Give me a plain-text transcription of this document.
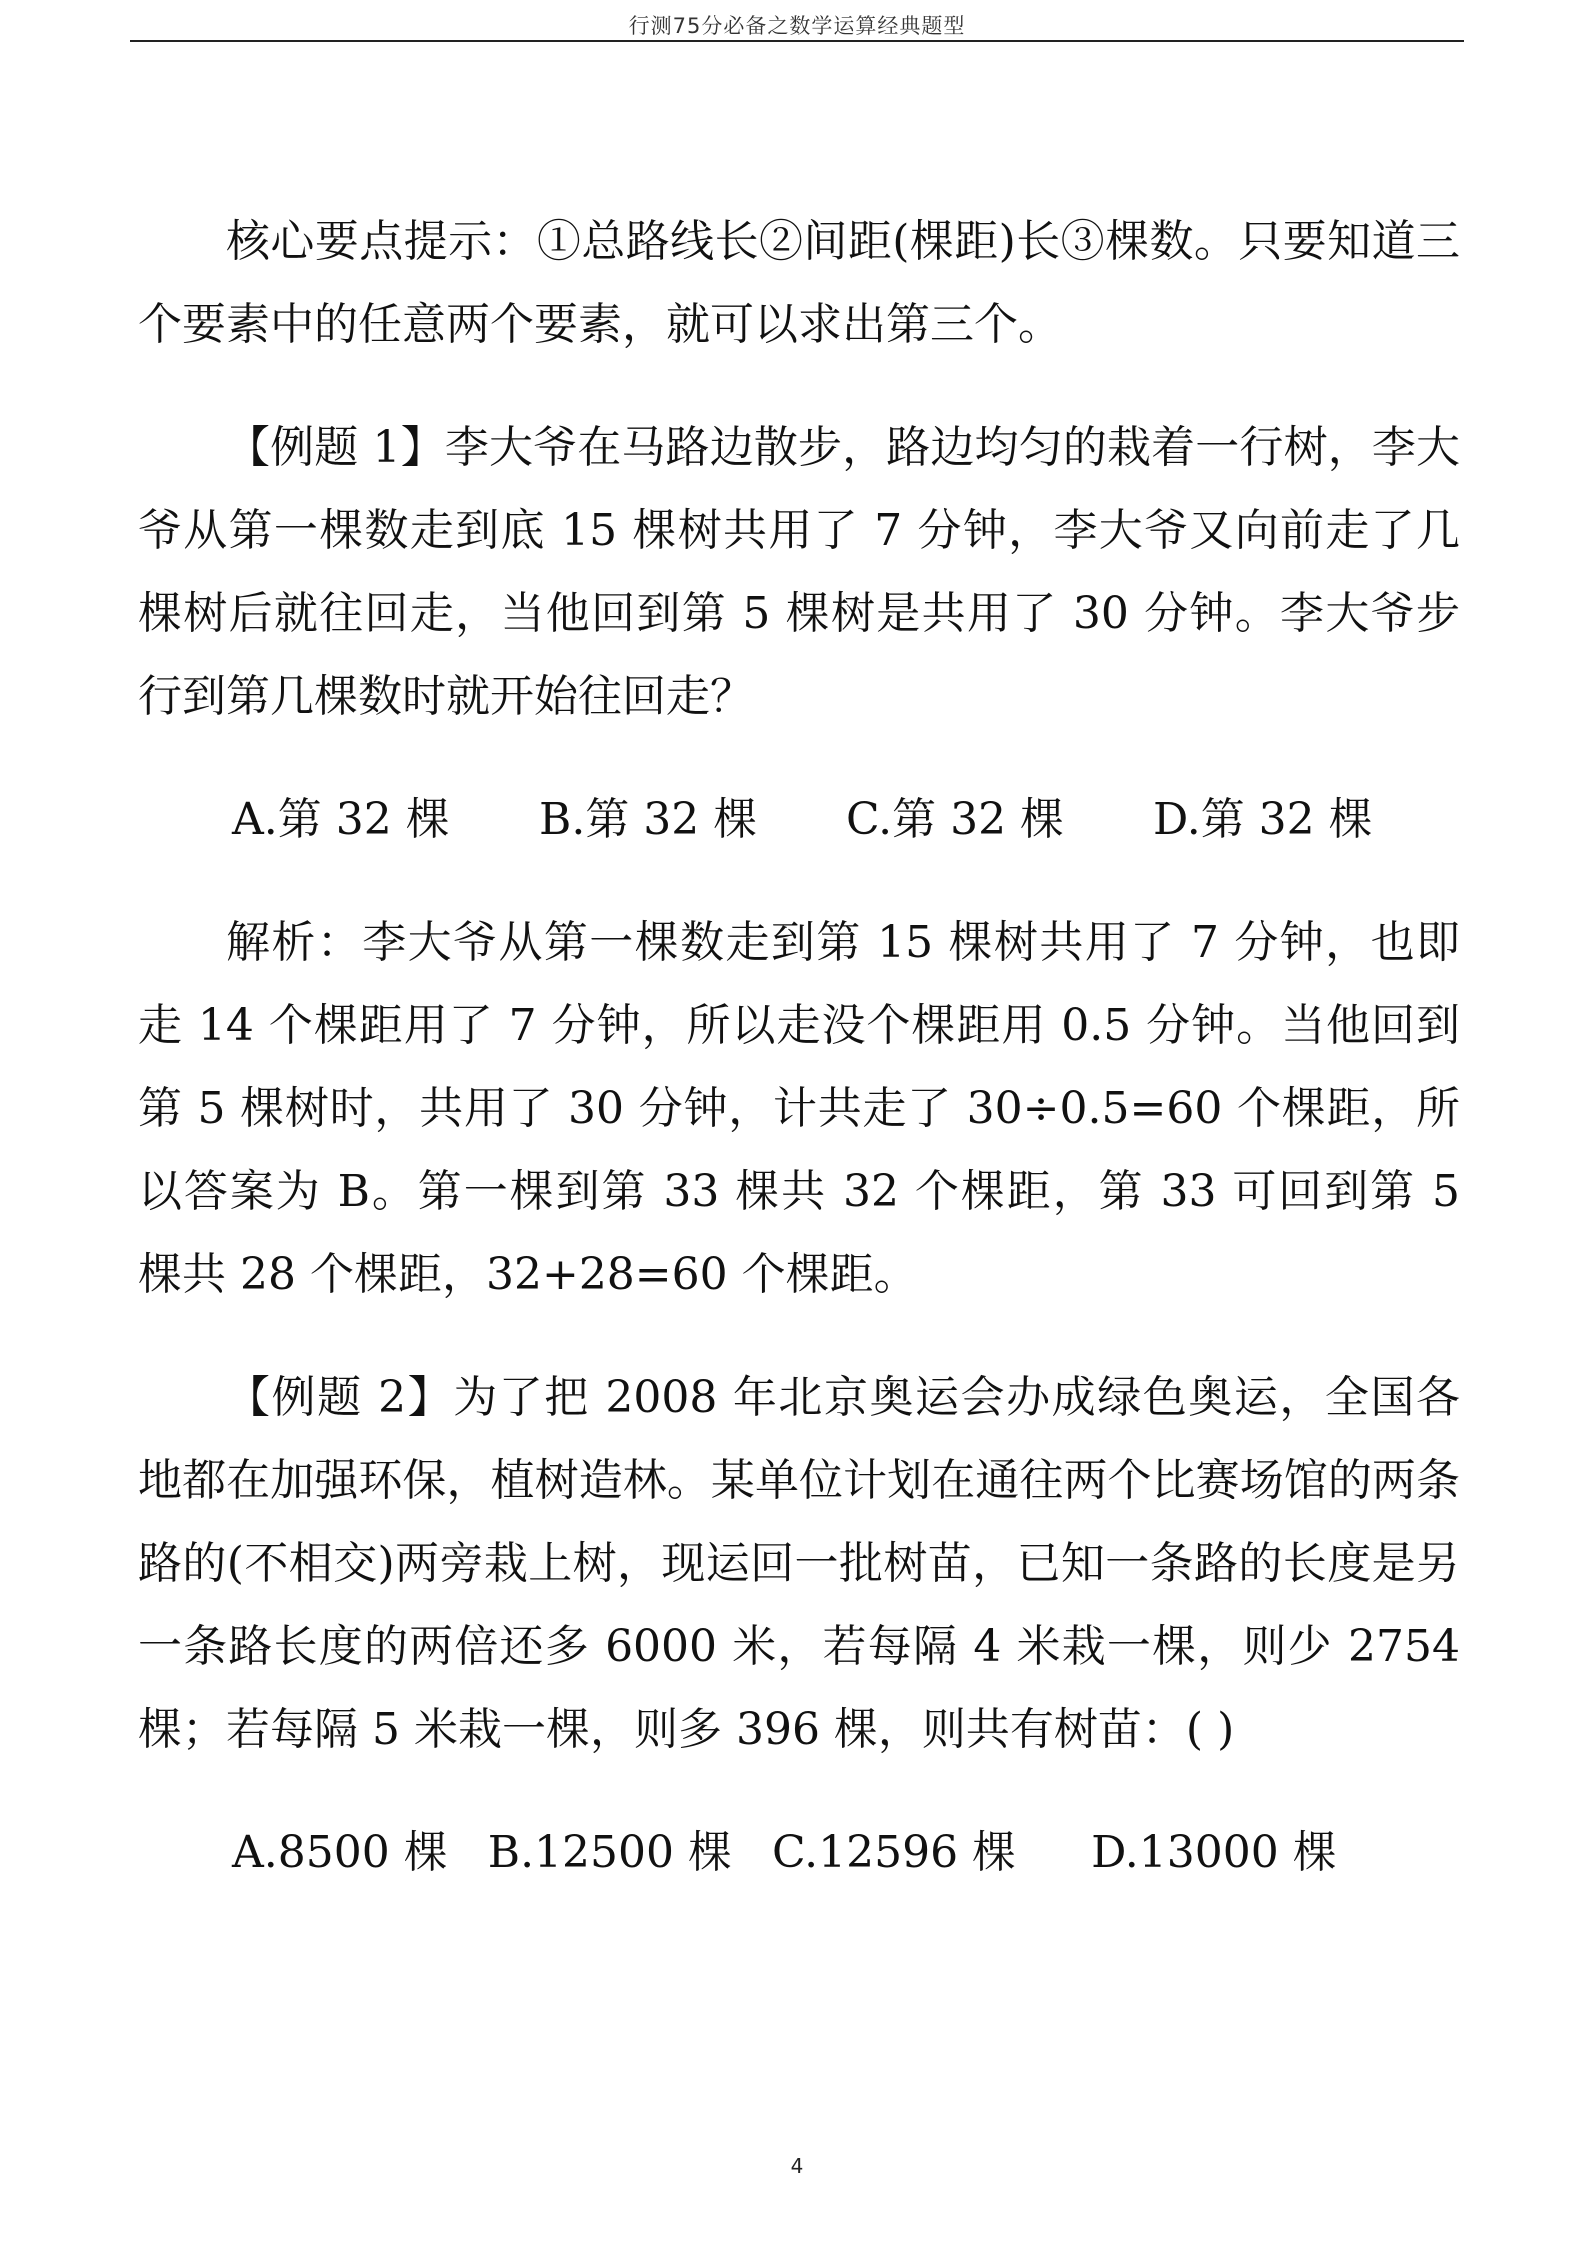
行测75分必备之数学运算经典题型

核心要点提示：①总路线长②间距(棵距)长③棵数。只要知道三个要素中的任意两个要素，就可以求出第三个。

【例题 1】李大爷在马路边散步，路边均匀的栽着一行树，李大爷从第一棵数走到底 15 棵树共用了 7 分钟，李大爷又向前走了几棵树后就往回走，当他回到第 5 棵树是共用了 30 分钟。李大爷步行到第几棵数时就开始往回走？

A.第 32 棵	B.第 32 棵	C.第 32 棵	D.第 32 棵

解析：李大爷从第一棵数走到第 15 棵树共用了 7 分钟，也即走 14 个棵距用了 7 分钟，所以走没个棵距用 0.5 分钟。当他回到第 5 棵树时，共用了 30 分钟，计共走了 30÷0.5=60 个棵距，所以答案为 B。第一棵到第 33 棵共 32 个棵距，第 33 可回到第 5 棵共 28 个棵距，32+28=60 个棵距。

【例题 2】为了把 2008 年北京奥运会办成绿色奥运，全国各地都在加强环保，植树造林。某单位计划在通往两个比赛场馆的两条路的(不相交)两旁栽上树，现运回一批树苗，已知一条路的长度是另一条路长度的两倍还多 6000 米，若每隔 4 米栽一棵，则少 2754 棵；若每隔 5 米栽一棵，则多 396 棵，则共有树苗：( )

A.8500 棵 B.12500 棵 C.12596 棵 D.13000 棵
4
